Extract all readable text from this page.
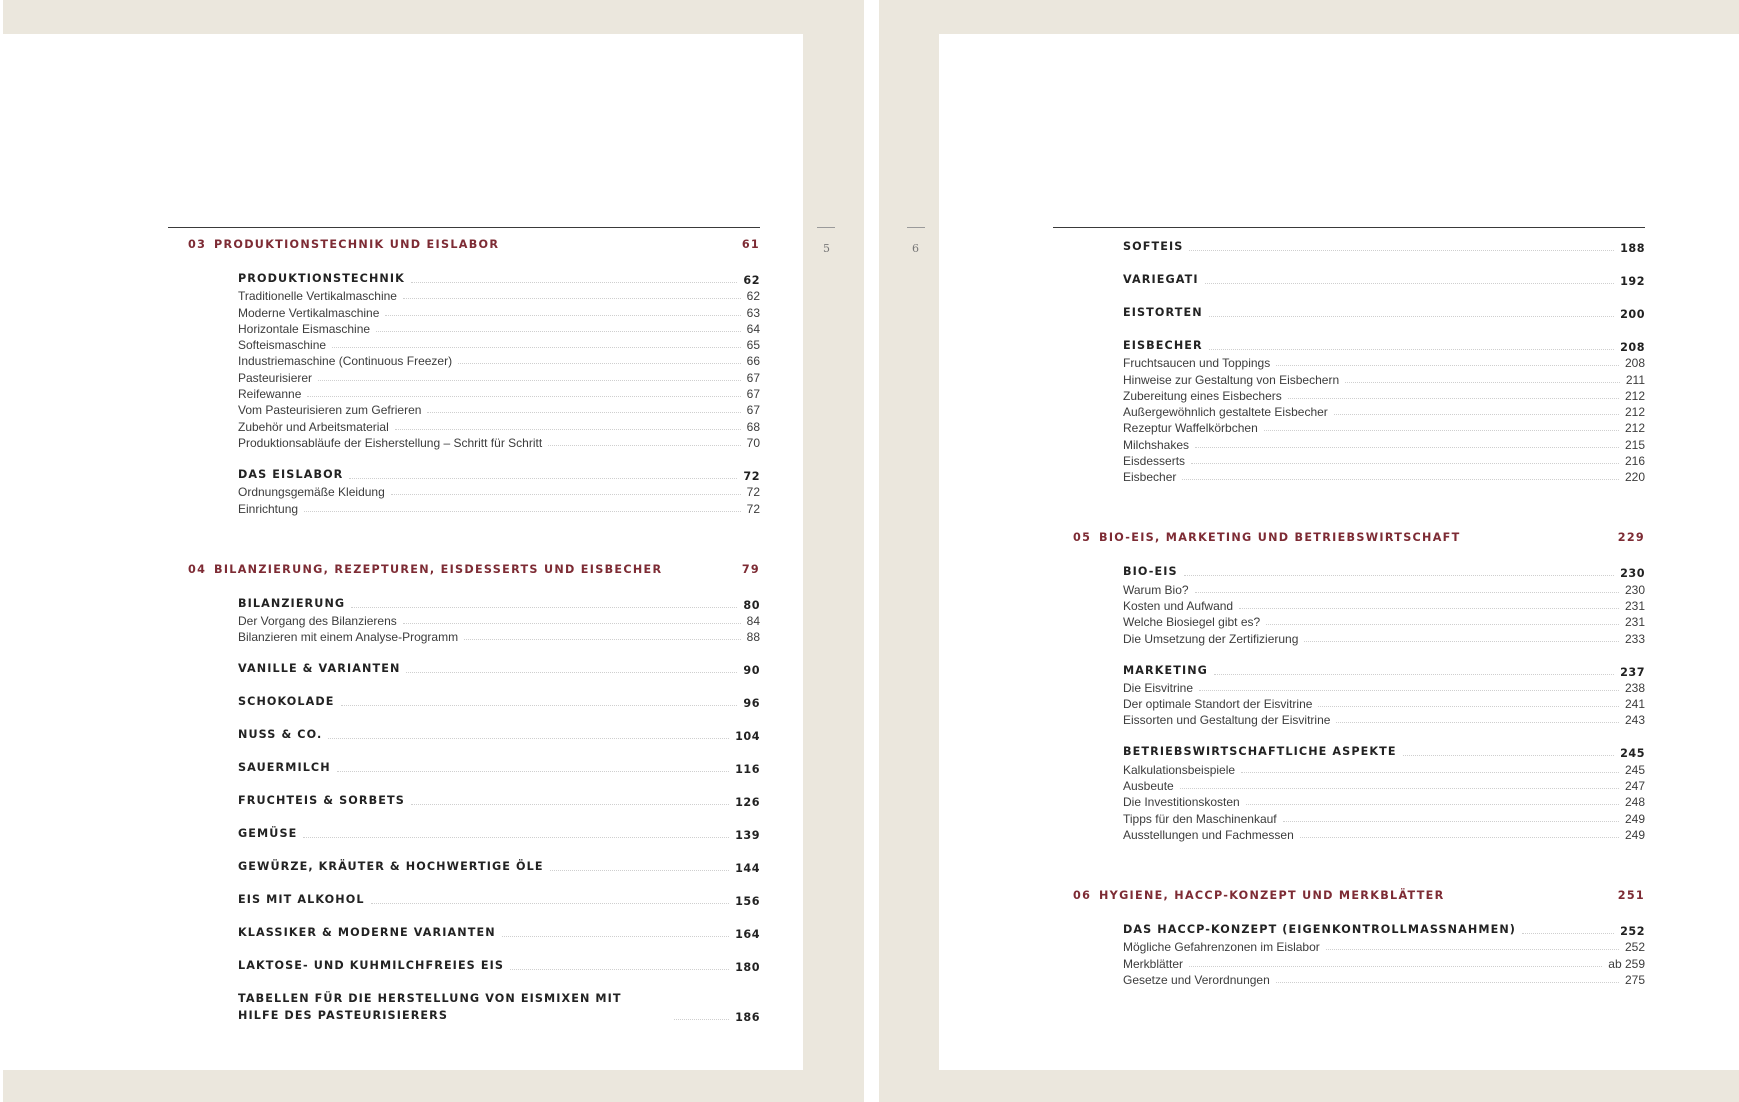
5	6
03 PRODUKTIONSTECHNIK UND EISLABOR	61
PRODUKTIONSTECHNIK	62
Traditionelle Vertikalmaschine	62
Moderne Vertikalmaschine	63
Horizontale Eismaschine	64
Softeismaschine	65
Industriemaschine (Continuous Freezer)	66
Pasteurisierer	67
Reifewanne	67
Vom Pasteurisieren zum Gefrieren	67
Zubehör und Arbeitsmaterial	68
Produktionsabläufe der Eisherstellung – Schritt für Schritt	70
DAS EISLABOR	72
Ordnungsgemäße Kleidung	72
Einrichtung	72
04 BILANZIERUNG, REZEPTUREN, EISDESSERTS UND EISBECHER	79
BILANZIERUNG	80
Der Vorgang des Bilanzierens	84
Bilanzieren mit einem Analyse-Programm	88
VANILLE & VARIANTEN	90
SCHOKOLADE	96
NUSS & CO.	104
SAUERMILCH	116
FRUCHTEIS & SORBETS	126
GEMÜSE	139
GEWÜRZE, KRÄUTER & HOCHWERTIGE ÖLE	144
EIS MIT ALKOHOL	156
KLASSIKER & MODERNE VARIANTEN	164
LAKTOSE- UND KUHMILCHFREIES EIS	180
TABELLEN FÜR DIE HERSTELLUNG VON EISMIXEN MIT HILFE DES PASTEURISIERERS	186
SOFTEIS	188
VARIEGATI	192
EISTORTEN	200
EISBECHER	208
Fruchtsaucen und Toppings	208
Hinweise zur Gestaltung von Eisbechern	211
Zubereitung eines Eisbechers	212
Außergewöhnlich gestaltete Eisbecher	212
Rezeptur Waffelkörbchen	212
Milchshakes	215
Eisdesserts	216
Eisbecher	220
05 BIO-EIS, MARKETING UND BETRIEBSWIRTSCHAFT	229
BIO-EIS	230
Warum Bio?	230
Kosten und Aufwand	231
Welche Biosiegel gibt es?	231
Die Umsetzung der Zertifizierung	233
MARKETING	237
Die Eisvitrine	238
Der optimale Standort der Eisvitrine	241
Eissorten und Gestaltung der Eisvitrine	243
BETRIEBSWIRTSCHAFTLICHE ASPEKTE	245
Kalkulationsbeispiele	245
Ausbeute	247
Die Investitionskosten	248
Tipps für den Maschinenkauf	249
Ausstellungen und Fachmessen	249
06 HYGIENE, HACCP-KONZEPT UND MERKBLÄTTER	251
DAS HACCP-KONZEPT (EIGENKONTROLLMASSNAHMEN)	252
Mögliche Gefahrenzonen im Eislabor	252
Merkblätter	ab 259
Gesetze und Verordnungen	275
